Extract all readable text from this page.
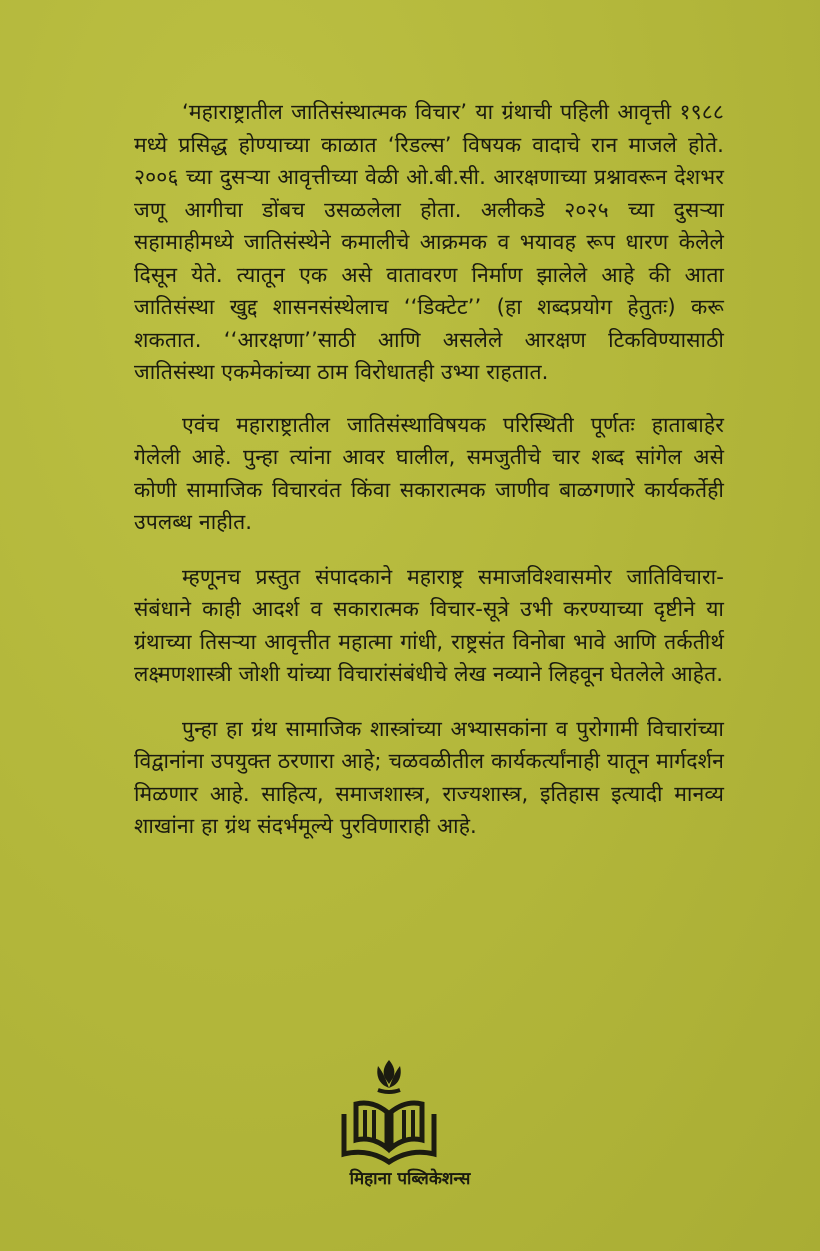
‘महाराष्ट्रातील जातिसंस्थात्मक विचार’ या ग्रंथाची पहिली आवृत्ती १९८८ मध्ये प्रसिद्ध होण्याच्या काळात ‘रिडल्स’ विषयक वादाचे रान माजले होते. २००६ च्या दुसऱ्या आवृत्तीच्या वेळी ओ.बी.सी. आरक्षणाच्या प्रश्नावरून देशभर जणू आगीचा डोंबच उसळलेला होता. अलीकडे २०२५ च्या दुसऱ्या सहामाहीमध्ये जातिसंस्थेने कमालीचे आक्रमक व भयावह रूप धारण केलेले दिसून येते. त्यातून एक असे वातावरण निर्माण झालेले आहे की आता जातिसंस्था खुद्द शासनसंस्थेलाच ‘‘डिक्टेट’’ (हा शब्दप्रयोग हेतुतः) करू शकतात. ‘‘आरक्षणा’’साठी आणि असलेले आरक्षण टिकविण्यासाठी जातिसंस्था एकमेकांच्या ठाम विरोधातही उभ्या राहतात.

एवंच महाराष्ट्रातील जातिसंस्थाविषयक परिस्थिती पूर्णतः हाताबाहेर गेलेली आहे. पुन्हा त्यांना आवर घालील, समजुतीचे चार शब्द सांगेल असे कोणी सामाजिक विचारवंत किंवा सकारात्मक जाणीव बाळगणारे कार्यकर्तेही उपलब्ध नाहीत.

म्हणूनच प्रस्तुत संपादकाने महाराष्ट्र समाजविश्वासमोर जातिविचारा-संबंधाने काही आदर्श व सकारात्मक विचार-सूत्रे उभी करण्याच्या दृष्टीने या ग्रंथाच्या तिसऱ्या आवृत्तीत महात्मा गांधी, राष्ट्रसंत विनोबा भावे आणि तर्कतीर्थ लक्ष्मणशास्त्री जोशी यांच्या विचारांसंबंधीचे लेख नव्याने लिहवून घेतलेले आहेत.

पुन्हा हा ग्रंथ सामाजिक शास्त्रांच्या अभ्यासकांना व पुरोगामी विचारांच्या विद्वानांना उपयुक्त ठरणारा आहे; चळवळीतील कार्यकर्त्यांनाही यातून मार्गदर्शन मिळणार आहे. साहित्य, समाजशास्त्र, राज्यशास्त्र, इतिहास इत्यादी मानव्य शाखांना हा ग्रंथ संदर्भमूल्ये पुरविणाराही आहे.

मिहाना पब्लिकेशन्स
